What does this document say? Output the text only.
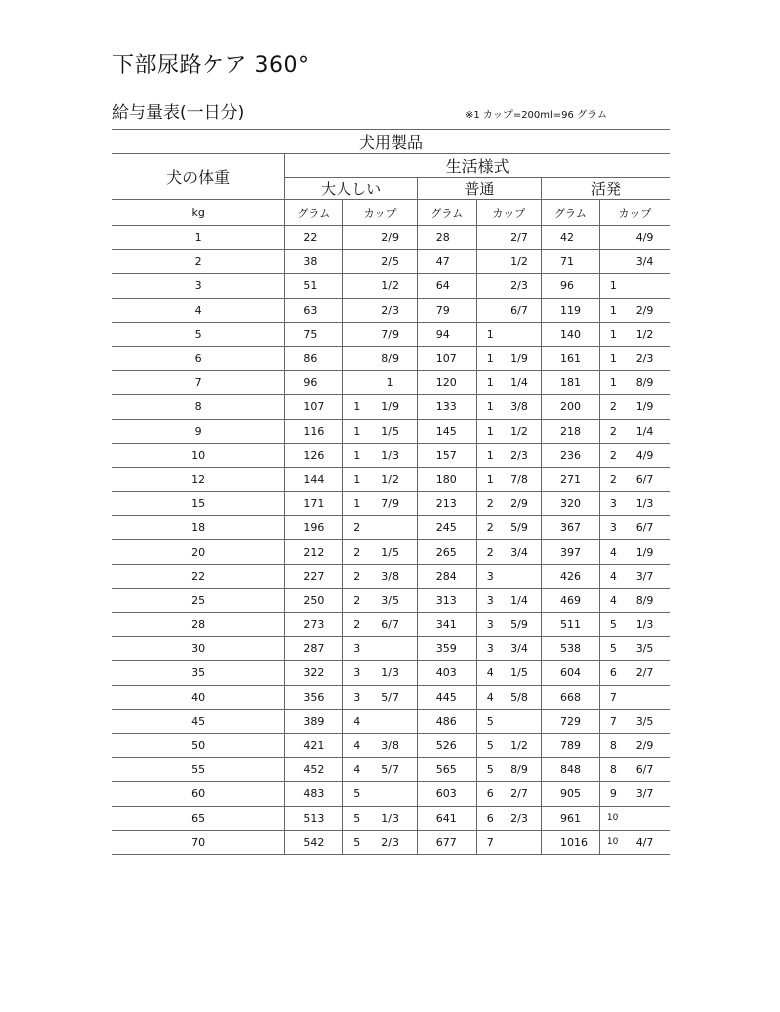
下部尿路ケア 360°
給与量表(一日分)	※1 カップ=200ml=96 グラム
犬用製品									
犬の体重	生活様式								
	大人しい			普通			活発		
kg	グラム	カップ		グラム	カップ		グラム	カップ	
1	22		2/9	28		2/7	42		4/9
2	38		2/5	47		1/2	71		3/4
3	51		1/2	64		2/3	96	1	
4	63		2/3	79		6/7	119	1	2/9
5	75		7/9	94	1		140	1	1/2
6	86		8/9	107	1	1/9	161	1	2/3
7	96		1	120	1	1/4	181	1	8/9
8	107	1	1/9	133	1	3/8	200	2	1/9
9	116	1	1/5	145	1	1/2	218	2	1/4
10	126	1	1/3	157	1	2/3	236	2	4/9
12	144	1	1/2	180	1	7/8	271	2	6/7
15	171	1	7/9	213	2	2/9	320	3	1/3
18	196	2		245	2	5/9	367	3	6/7
20	212	2	1/5	265	2	3/4	397	4	1/9
22	227	2	3/8	284	3		426	4	3/7
25	250	2	3/5	313	3	1/4	469	4	8/9
28	273	2	6/7	341	3	5/9	511	5	1/3
30	287	3		359	3	3/4	538	5	3/5
35	322	3	1/3	403	4	1/5	604	6	2/7
40	356	3	5/7	445	4	5/8	668	7	
45	389	4		486	5		729	7	3/5
50	421	4	3/8	526	5	1/2	789	8	2/9
55	452	4	5/7	565	5	8/9	848	8	6/7
60	483	5		603	6	2/7	905	9	3/7
65	513	5	1/3	641	6	2/3	961	10	
70	542	5	2/3	677	7		1016	10	4/7
